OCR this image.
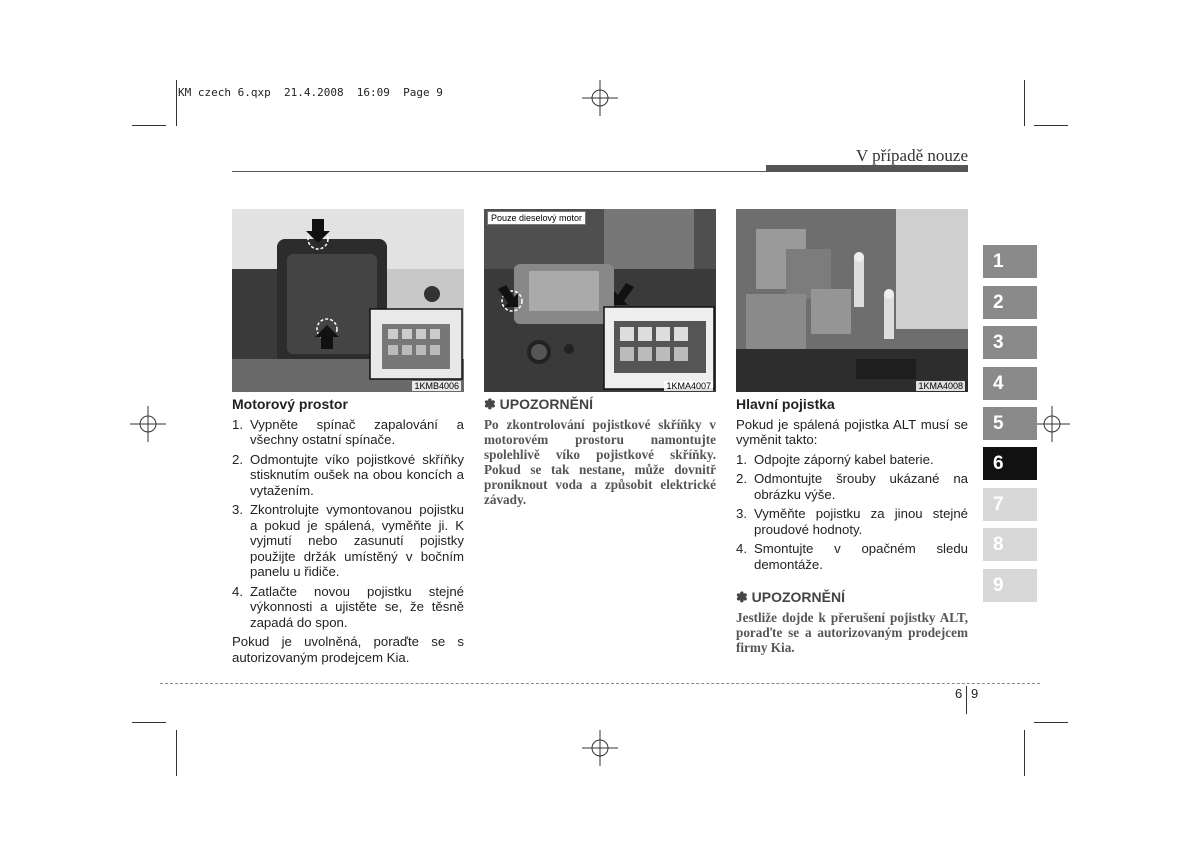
KM czech 6.qxp  21.4.2008  16:09  Page 9
V případě nouze
1KMB4006
Pouze dieselový motor
1KMA4007	1KMA4008
Motorový prostor
1. Vypněte spínač zapalování a všechny ostatní spínače.
2. Odmontujte víko pojistkové skříňky stisknutím oušek na obou koncích a vytažením.
3. Zkontrolujte vymontovanou pojistku a pokud je spálená, vyměňte ji. K vyjmutí nebo zasunutí pojistky použijte držák umístěný v bočním panelu u řidiče.
4. Zatlačte novou pojistku stejné výkonnosti a ujistěte se, že těsně zapadá do spon.

Pokud je uvolněná, poraďte se s autorizovaným prodejcem Kia.

✽ UPOZORNĚNÍ

Po zkontrolování pojistkové skříňky v motorovém prostoru namontujte spolehlivě víko pojistkové skříňky. Pokud se tak nestane, může dovnitř proniknout voda a způsobit elektrické závady.

Hlavní pojistka

Pokud je spálená pojistka ALT musí se vyměnit takto:

1. Odpojte záporný kabel baterie.
2. Odmontujte šrouby ukázané na obrázku výše.
3. Vyměňte pojistku za jinou stejné proudové hodnoty.
4. Smontujte v opačném sledu demontáže.
✽ UPOZORNĚNÍ

Jestliže dojde k přerušení pojistky ALT, poraďte se a autorizovaným prodejcem firmy Kia.

1
2
3
4
5
6
7
8
9
6 9
